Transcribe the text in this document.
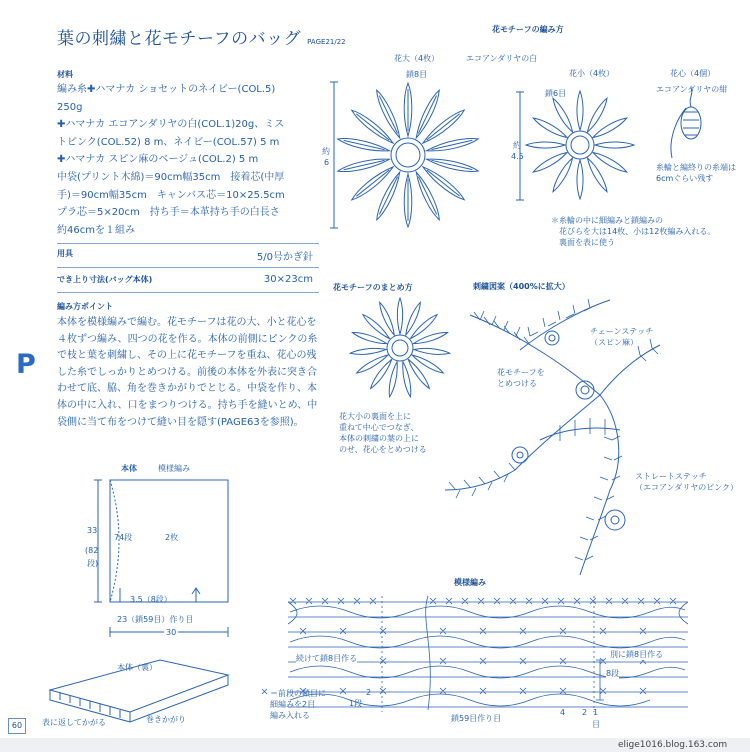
葉の刺繍と花モチーフのバッグ PAGE21/22
材料
編み糸✚ハマナカ ショセットのネイビー(COL.5)
250g
✚ハマナカ エコアンダリヤの白(COL.1)20g、ミス
トピンク(COL.52) 8 m、ネイビー(COL.57) 5 m
✚ハマナカ スピン麻のベージュ(COL.2) 5 m
中袋(プリント木綿)＝90cm幅35cm　接着芯(中厚
手)＝90cm幅35cm　キャンバス芯＝10×25.5cm
プラ芯＝5×20cm　持ち手＝本革持ち手の白長さ
約46cmを１組み
用具	5/0号かぎ針
でき上り寸法(バッグ本体)	30×23cm
編み方ポイント
本体を模様編みで編む。花モチーフは花の大、小と花心を４枚ずつ編み、四つの花を作る。本体の前側にピンクの糸で枝と葉を刺繍し、その上に花モチーフを重ね、花心の残した糸でしっかりとめつける。前後の本体を外表に突き合わせて底、脇、角を巻きかがりでとじる。中袋を作り、本体の中に入れ、口をまつりつける。持ち手を縫いとめ、中袋側に当て布をつけて縫い目を隠す(PAGE63を参照)。
P
花モチーフの編み方
花大（4枚）	エコアンダリヤの白
鎖8目
約
6
花小（4枚）
鎖6目
約
4.5
花心（4個）
エコアンダリヤの紺
糸輪と編終りの糸端は
6cmぐらい残す
＊糸輪の中に細編みと鎖編みの
花びらを大は14枚、小は12枚編み入れる。
裏面を表に使う
花モチーフのまとめ方
花大小の裏面を上に
重ねて中心でつなぎ、
本体の刺繍の葉の上に
のせ、花心をとめつける
刺繍図案（400%に拡大）
チェーンステッチ
（スピン麻）
花モチーフを
とめつける
ストレートステッチ
（エコアンダリヤのピンク）
本体	模様編み
74段	2枚
33
(82
段)
3.5（8段）
23（鎖59目）作り目
30
本体（裏）
表に返してかがる	巻きかがり
模様編み
続けて鎖8目作る	別に鎖8目作る
8段
＝前段の鎖目に
細編みを2目
編み入れる
2
1段
鎖59目作り目
4 2 1
目
60
elige1016.blog.163.com
